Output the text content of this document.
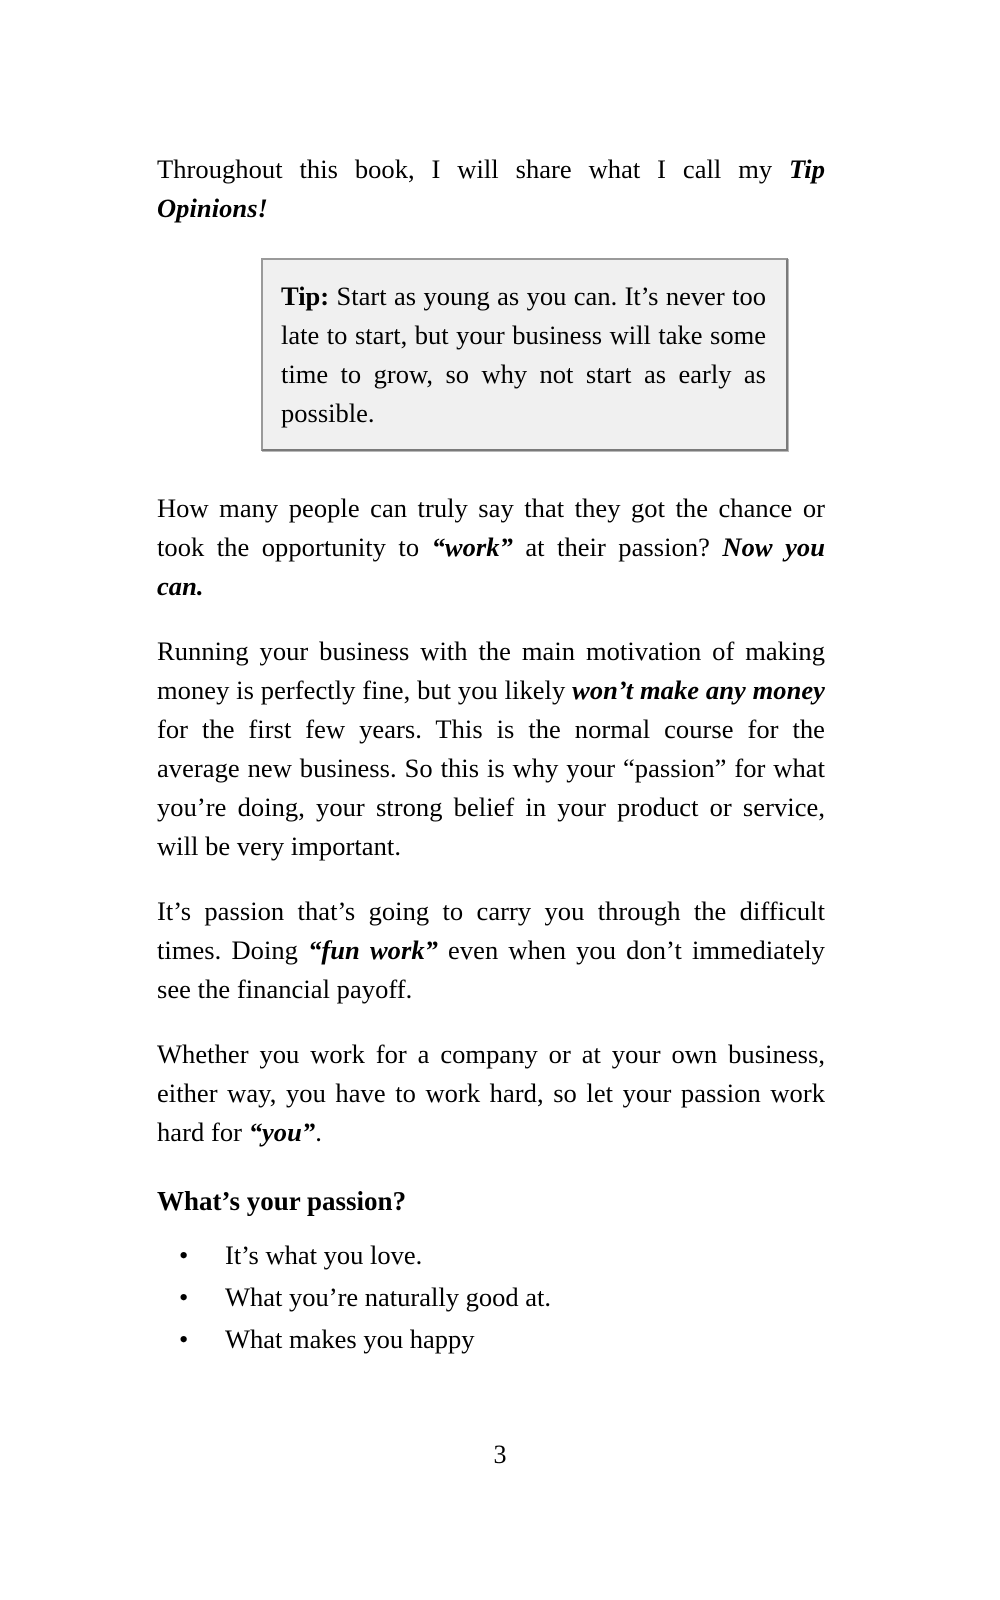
Throughout this book, I will share what I call my Tip Opinions!

Tip: Start as young as you can. It’s never too late to start, but your business will take some time to grow, so why not start as early as possible.

How many people can truly say that they got the chance or took the opportunity to “work” at their passion? Now you can.

Running your business with the main motivation of making money is perfectly fine, but you likely won’t make any money for the first few years. This is the normal course for the average new business. So this is why your “passion” for what you’re doing, your strong belief in your product or service, will be very important.

It’s passion that’s going to carry you through the difficult times. Doing “fun work” even when you don’t immediately see the financial payoff.

Whether you work for a company or at your own business, either way, you have to work hard, so let your passion work hard for “you”.

What’s your passion?
•	It’s what you love.
•	What you’re naturally good at.
•	What makes you happy
3
